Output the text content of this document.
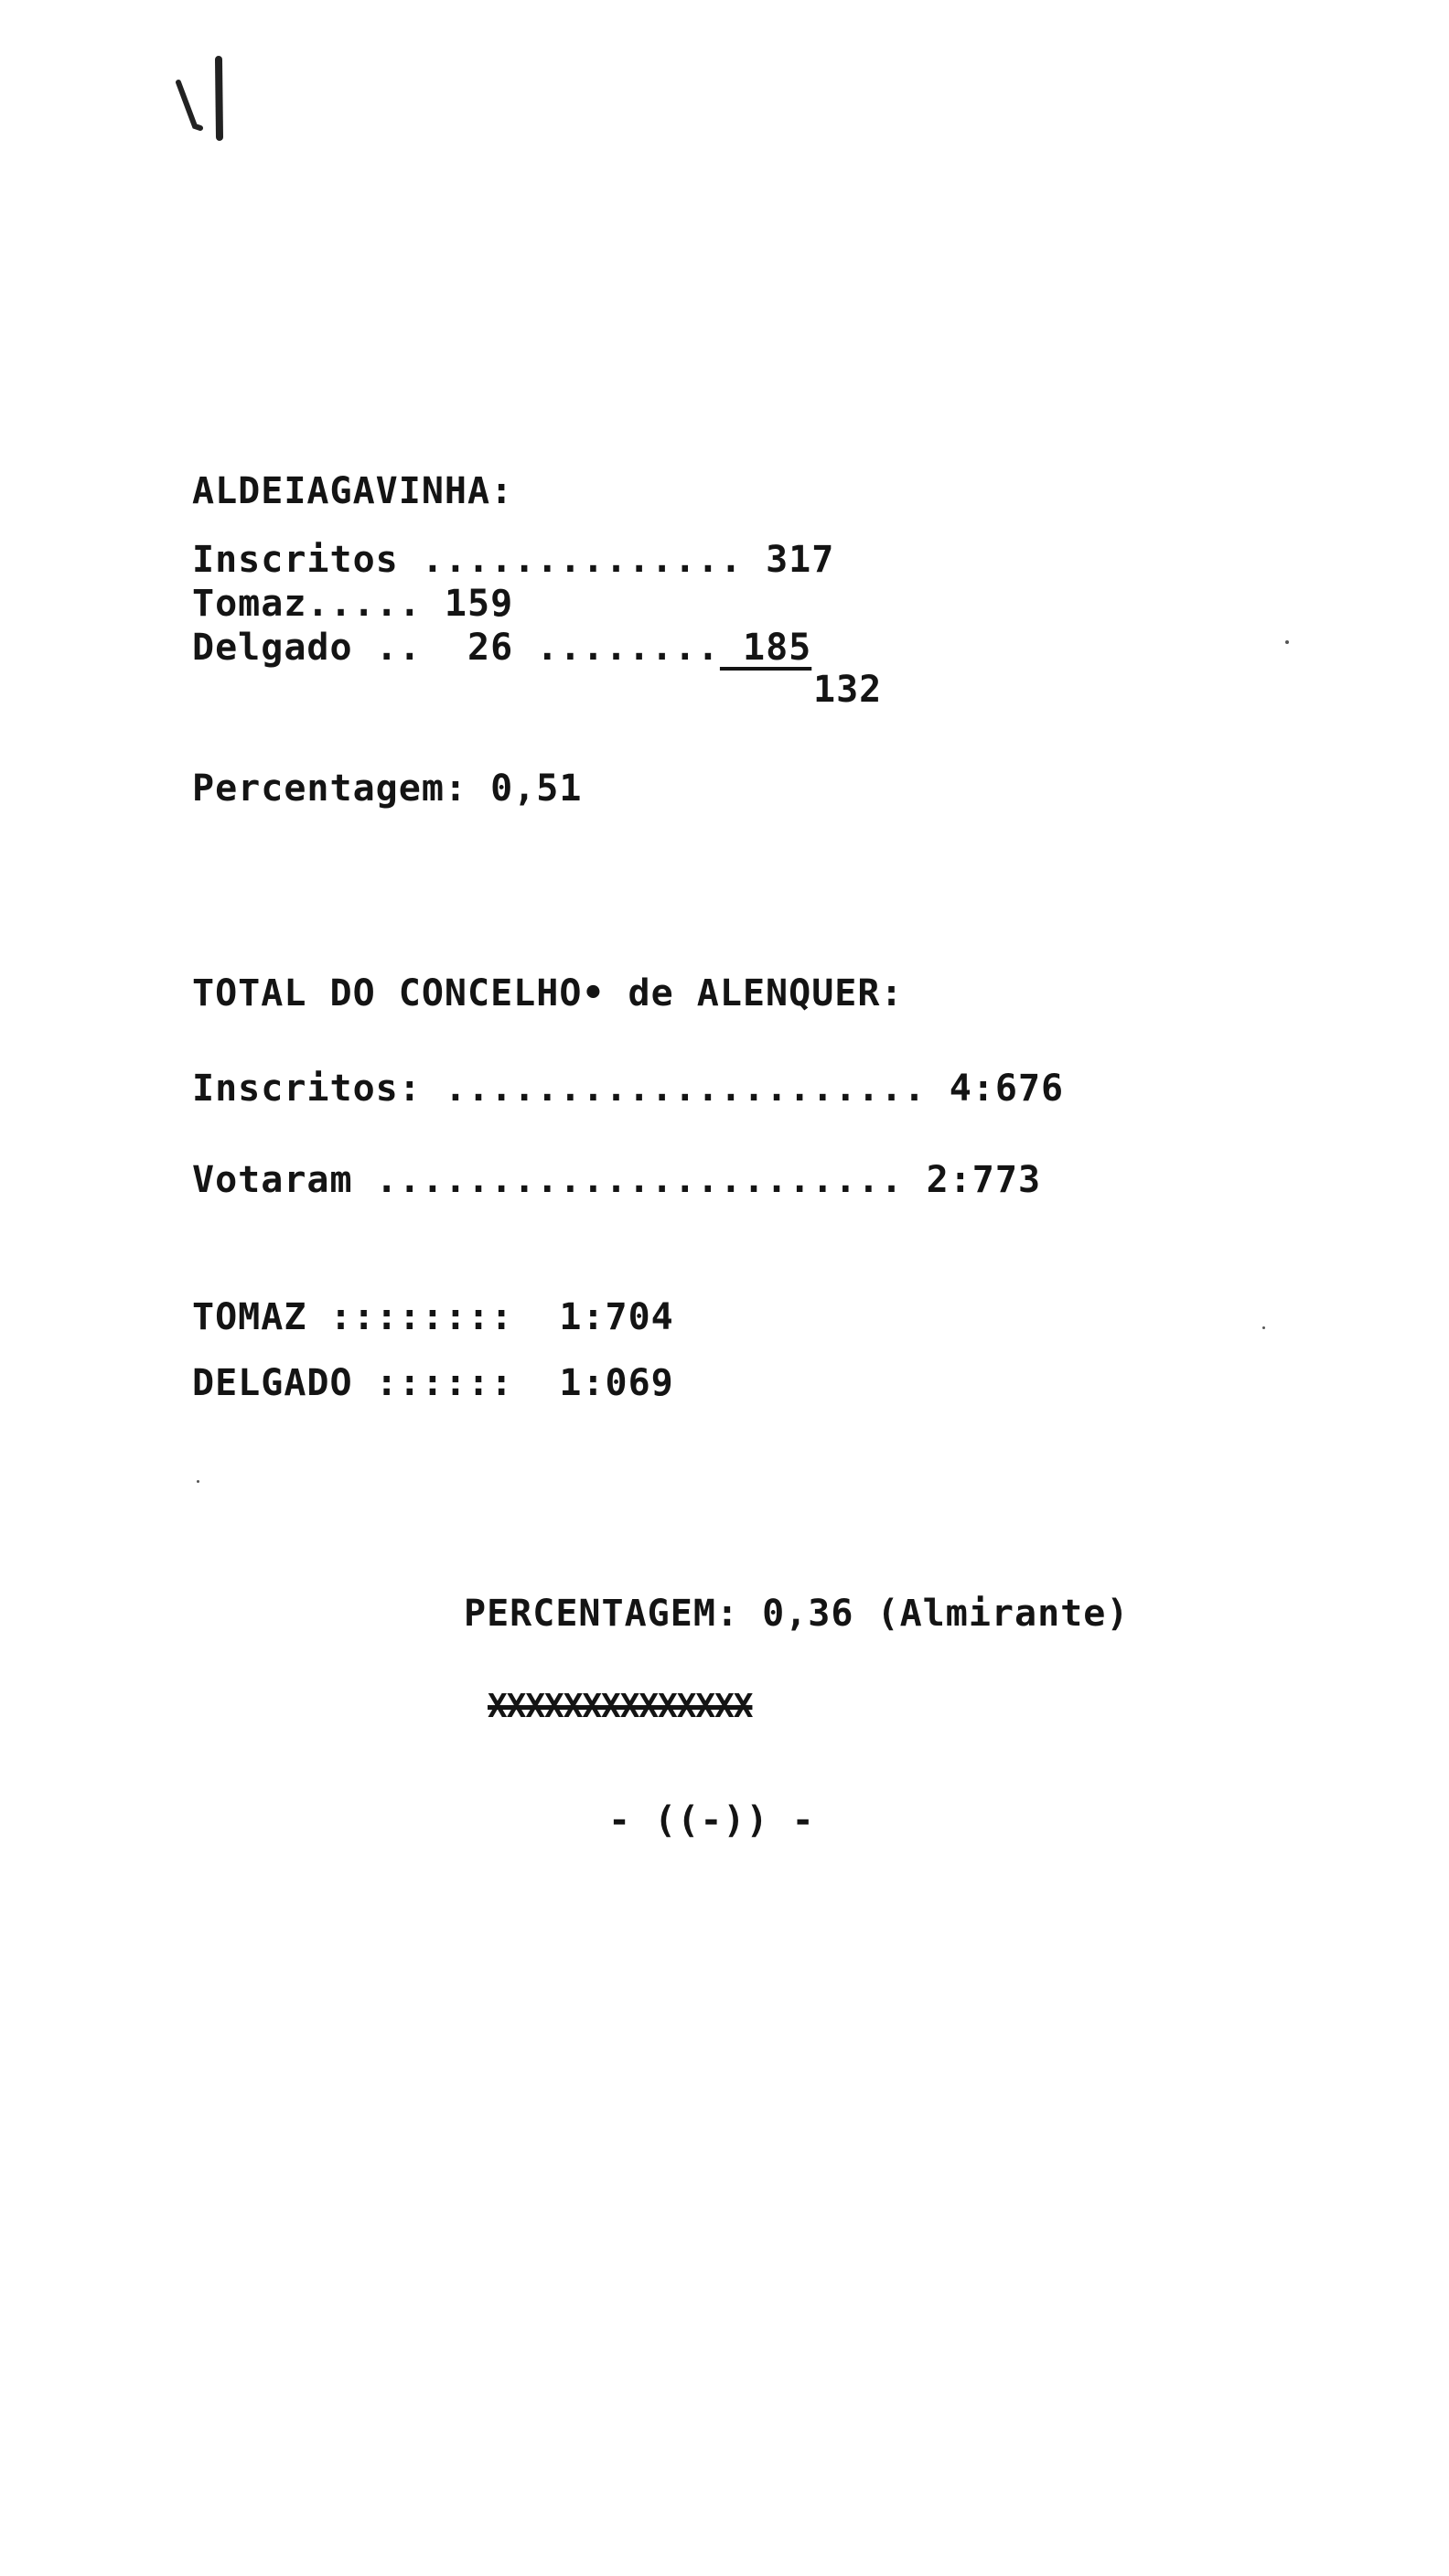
ALDEIAGAVINHA:
Inscritos .............. 317
Tomaz..... 159
Delgado ..  26 ........ 185
132
Percentagem: 0,51
TOTAL DO CONCELHO• de ALENQUER:
Inscritos: ..................... 4:676
Votaram ....................... 2:773
TOMAZ ::::::::  1:704
DELGADO ::::::  1:069
PERCENTAGEM: 0,36 (Almirante)
XXXXXXXXXXXXXX
- ((-)) -
